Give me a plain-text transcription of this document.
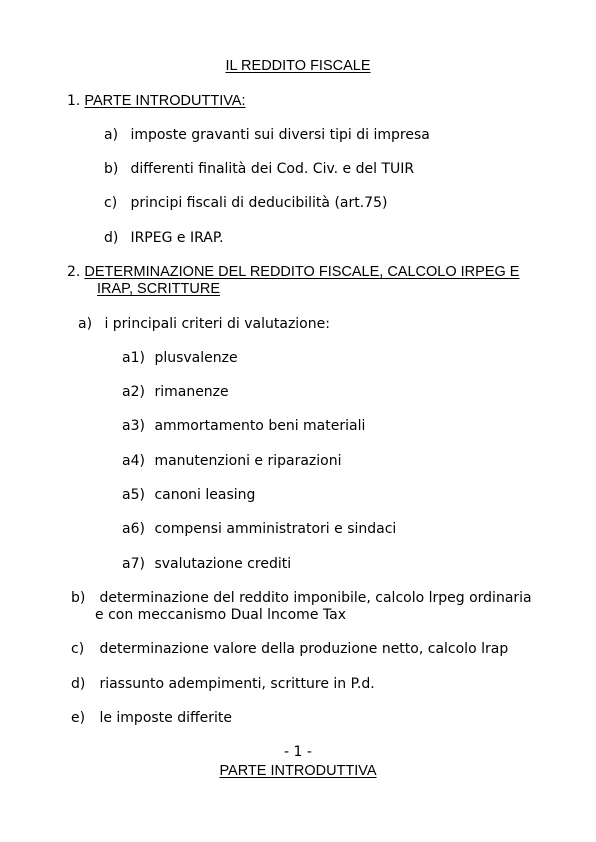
IL REDDITO FISCALE
1. PARTE INTRODUTTIVA:
a) imposte gravanti sui diversi tipi di impresa
b) differenti finalità dei Cod. Civ. e del TUIR
c) principi fiscali di deducibilità (art.75)
d) IRPEG e IRAP.
2. DETERMINAZIONE DEL REDDITO FISCALE, CALCOLO IRPEG E
IRAP, SCRITTURE
a) i principali criteri di valutazione:
a1) plusvalenze
a2) rimanenze
a3) ammortamento beni materiali
a4) manutenzioni e riparazioni
a5) canoni leasing
a6) compensi amministratori e sindaci
a7) svalutazione crediti
b) determinazione del reddito imponibile, calcolo lrpeg ordinaria
e con meccanismo Dual lncome Tax
c) determinazione valore della produzione netto, calcolo lrap
d) riassunto adempimenti, scritture in P.d.
e) le imposte differite
- 1 -
PARTE INTRODUTTIVA
